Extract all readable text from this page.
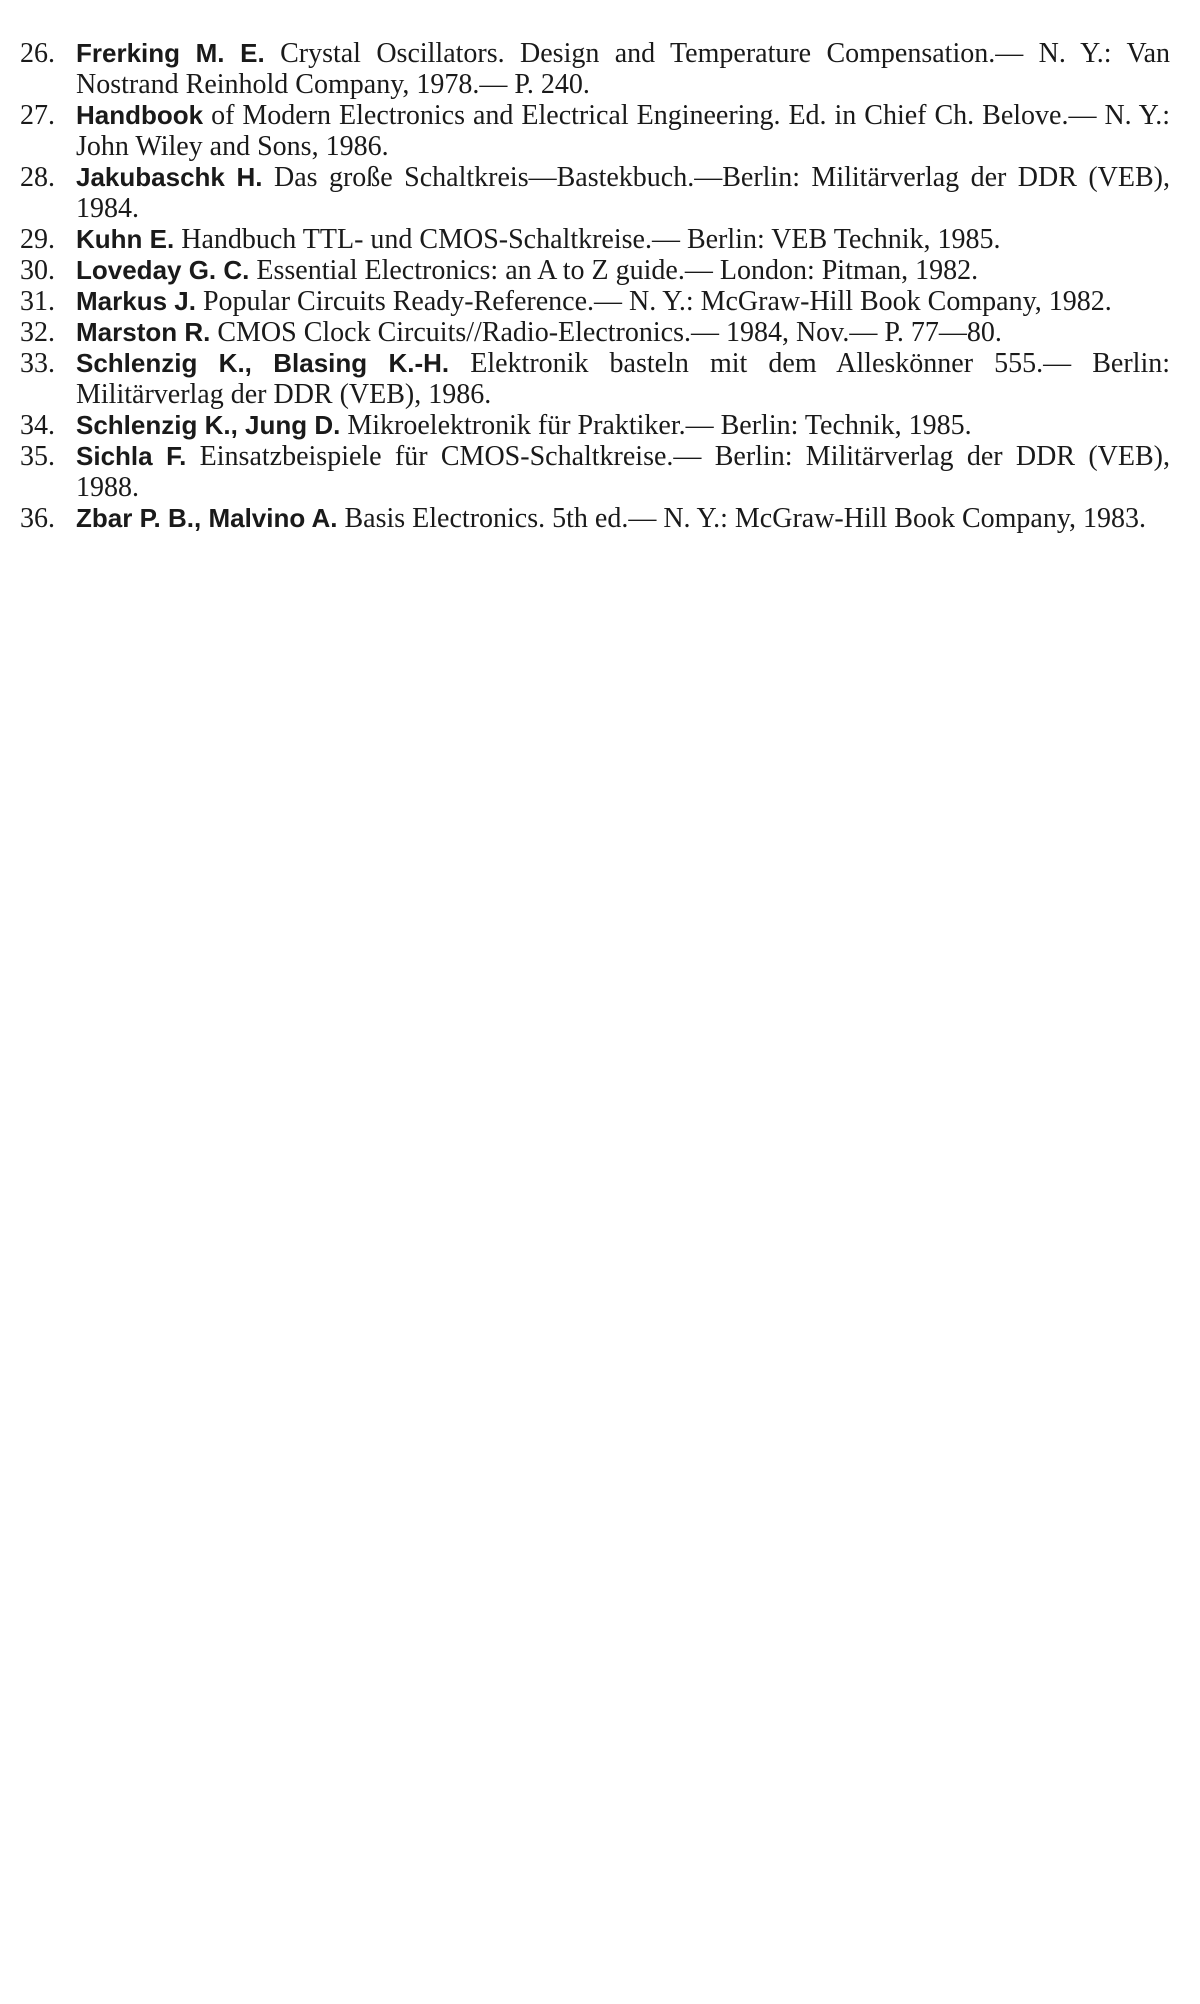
26. Frerking M. E. Crystal Oscillators. Design and Temperature Compensation.— N. Y.: Van Nostrand Reinhold Company, 1978.— P. 240.

27. Handbook of Modern Electronics and Electrical Engineering. Ed. in Chief Ch. Belove.— N. Y.: John Wiley and Sons, 1986.

28. Jakubaschk H. Das große Schaltkreis—Bastekbuch.—Berlin: Militärverlag der DDR (VEB), 1984.

29. Kuhn E. Handbuch TTL- und CMOS-Schaltkreise.— Berlin: VEB Technik, 1985.

30. Loveday G. C. Essential Electronics: an A to Z guide.— London: Pitman, 1982.

31. Markus J. Popular Circuits Ready-Reference.— N. Y.: McGraw-Hill Book Company, 1982.

32. Marston R. CMOS Clock Circuits//Radio-Electronics.— 1984, Nov.— P. 77—80.

33. Schlenzig K., Blasing K.-H. Elektronik basteln mit dem Alleskönner 555.— Berlin: Militärverlag der DDR (VEB), 1986.

34. Schlenzig K., Jung D. Mikroelektronik für Praktiker.— Berlin: Technik, 1985.

35. Sichla F. Einsatzbeispiele für CMOS-Schaltkreise.— Berlin: Militärverlag der DDR (VEB), 1988.

36. Zbar P. B., Malvino A. Basis Electronics. 5th ed.— N. Y.: McGraw-Hill Book Company, 1983.
